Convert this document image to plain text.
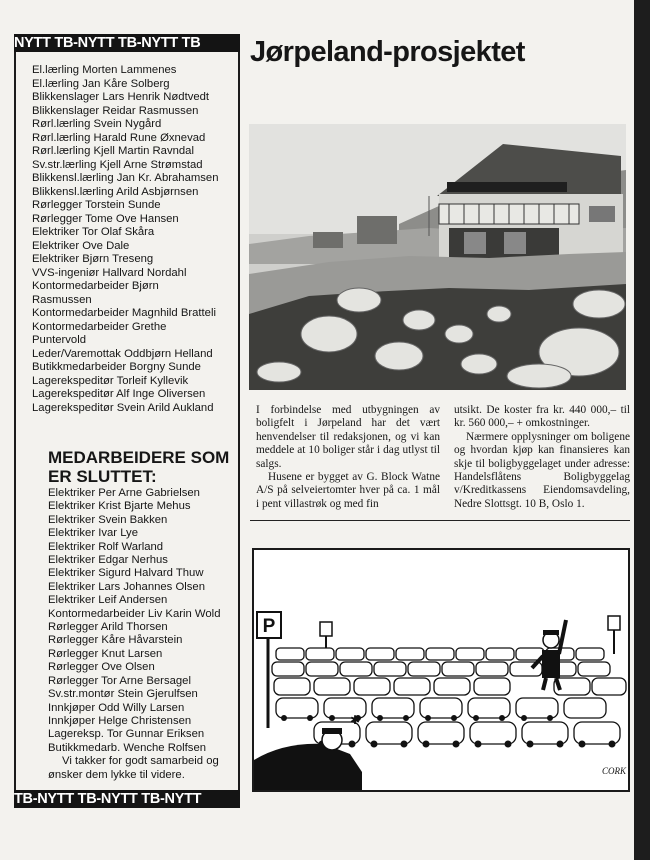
NYTT TB-NYTT TB-NYTT TB
El.lærling Morten Lammenes
El.lærling Jan Kåre Solberg
Blikkenslager Lars Henrik Nødtvedt
Blikkenslager Reidar Rasmussen
Rørl.lærling Svein Nygård
Rørl.lærling Harald Rune Øxnevad
Rørl.lærling Kjell Martin Ravndal
Sv.str.lærling Kjell Arne Strømstad
Blikkensl.lærling Jan Kr. Abrahamsen
Blikkensl.lærling Arild Asbjørnsen
Rørlegger Torstein Sunde
Rørlegger Tome Ove Hansen
Elektriker Tor Olaf Skåra
Elektriker Ove Dale
Elektriker Bjørn Treseng
VVS-ingeniør Hallvard Nordahl
Kontormedarbeider Bjørn
Rasmussen
Kontormedarbeider Magnhild Bratteli
Kontormedarbeider Grethe
Puntervold
Leder/Varemottak Oddbjørn Helland
Butikkmedarbeider Borgny Sunde
Lagerekspeditør Torleif Kyllevik
Lagerekspeditør Alf Inge Oliversen
Lagerekspeditør Svein Arild Aukland
MEDARBEIDERE SOM
ER SLUTTET:
Elektriker Per Arne Gabrielsen
Elektriker Krist Bjarte Mehus
Elektriker Svein Bakken
Elektriker Ivar Lye
Elektriker Rolf Warland
Elektriker Edgar Nerhus
Elektriker Sigurd Halvard Thuw
Elektriker Lars Johannes Olsen
Elektriker Leif Andersen
Kontormedarbeider Liv Karin Wold
Rørlegger Arild Thorsen
Rørlegger Kåre Håvarstein
Rørlegger Knut Larsen
Rørlegger Ove Olsen
Rørlegger Tor Arne Bersagel
Sv.str.montør Stein Gjerulfsen
Innkjøper Odd Willy Larsen
Innkjøper Helge Christensen
Lagereksp. Tor Gunnar Eriksen
Butikkmedarb. Wenche Rolfsen
Vi takker for godt samarbeid og ønsker dem lykke til videre.
TB-NYTT TB-NYTT TB-NYTT
Jørpeland-prosjektet

I forbindelse med utbygningen av boligfelt i Jørpeland har det vært henvendelser til redaksjonen, og vi kan meddele at 10 boliger står i dag utlyst til salgs.

Husene er bygget av G. Block Watne A/S på selveiertomter hver på ca. 1 mål i pent villastrøk og med fin

utsikt. De koster fra kr. 440 000,– til kr. 560 000,– + omkostninger.

Nærmere opplysninger om boligene og hvordan kjøp kan finansieres kan skje til boligbyggelaget under adresse: Handelsflåtens Boligbyggelag v/Kreditkassens Eiendomsavdeling, Nedre Slottsgt. 10 B, Oslo 1.

P
✱
CORK
